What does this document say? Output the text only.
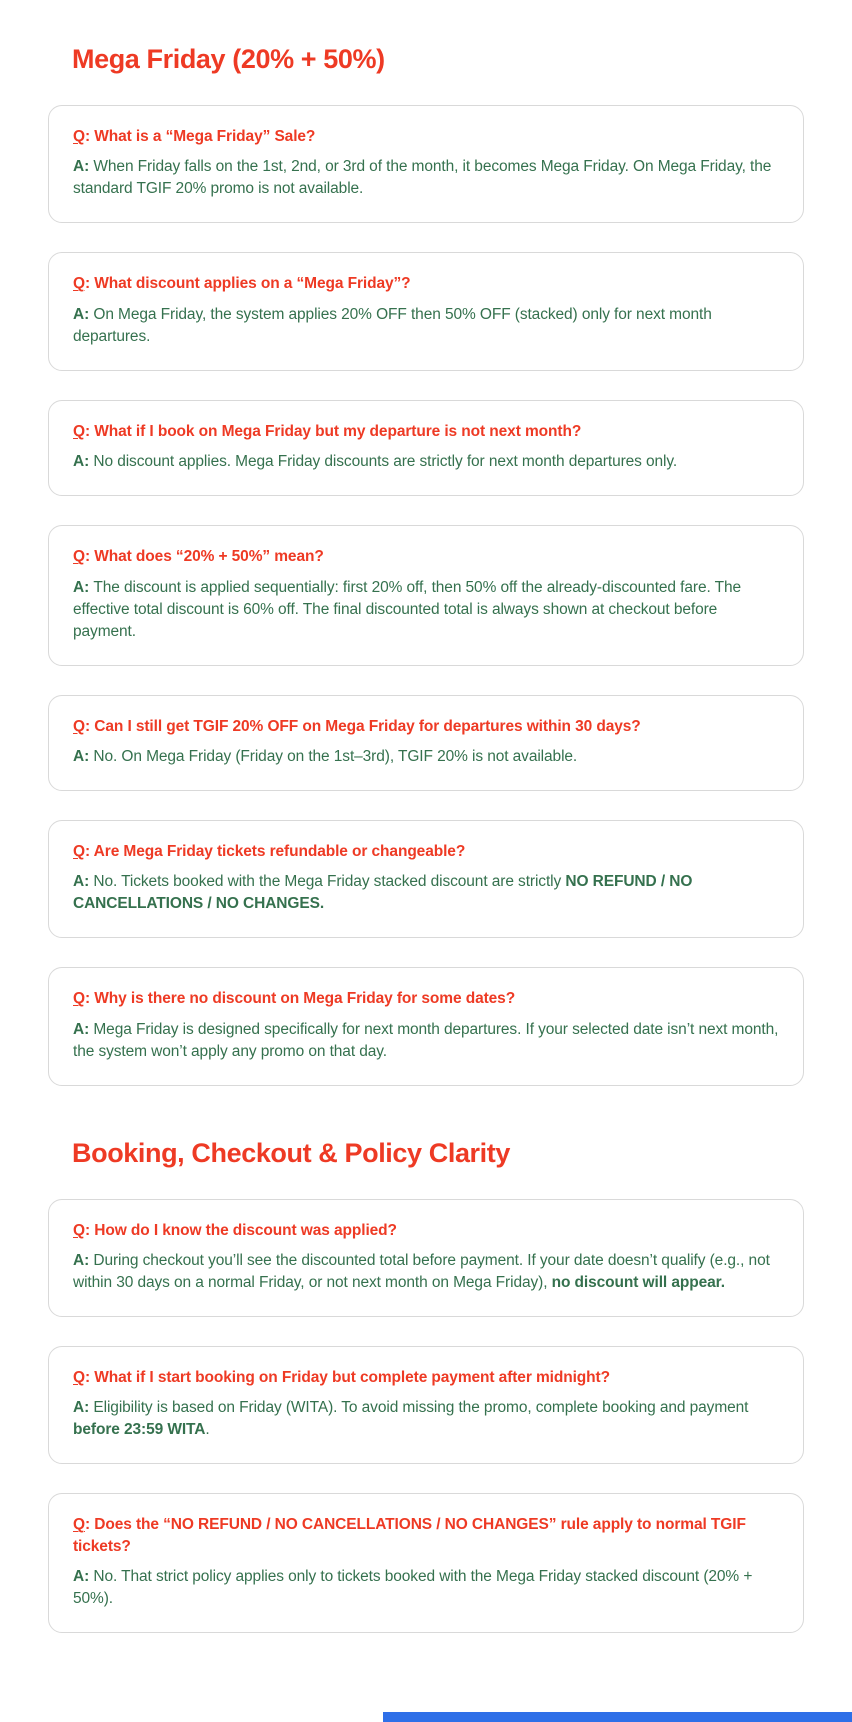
Mega Friday (20% + 50%)

Q: What is a “Mega Friday” Sale?

A: When Friday falls on the 1st, 2nd, or 3rd of the month, it becomes Mega Friday. On Mega Friday, the standard TGIF 20% promo is not available.

Q: What discount applies on a “Mega Friday”?

A: On Mega Friday, the system applies 20% OFF then 50% OFF (stacked) only for next month departures.

Q: What if I book on Mega Friday but my departure is not next month?

A: No discount applies. Mega Friday discounts are strictly for next month departures only.

Q: What does “20% + 50%” mean?

A: The discount is applied sequentially: first 20% off, then 50% off the already-discounted fare. The effective total discount is 60% off. The final discounted total is always shown at checkout before payment.

Q: Can I still get TGIF 20% OFF on Mega Friday for departures within 30 days?

A: No. On Mega Friday (Friday on the 1st–3rd), TGIF 20% is not available.

Q: Are Mega Friday tickets refundable or changeable?

A: No. Tickets booked with the Mega Friday stacked discount are strictly NO REFUND / NO CANCELLATIONS / NO CHANGES.

Q: Why is there no discount on Mega Friday for some dates?

A: Mega Friday is designed specifically for next month departures. If your selected date isn’t next month, the system won’t apply any promo on that day.

Booking, Checkout & Policy Clarity

Q: How do I know the discount was applied?

A: During checkout you’ll see the discounted total before payment. If your date doesn’t qualify (e.g., not within 30 days on a normal Friday, or not next month on Mega Friday), no discount will appear.

Q: What if I start booking on Friday but complete payment after midnight?

A: Eligibility is based on Friday (WITA). To avoid missing the promo, complete booking and payment before 23:59 WITA.

Q: Does the “NO REFUND / NO CANCELLATIONS / NO CHANGES” rule apply to normal TGIF tickets?

A: No. That strict policy applies only to tickets booked with the Mega Friday stacked discount (20% + 50%).
